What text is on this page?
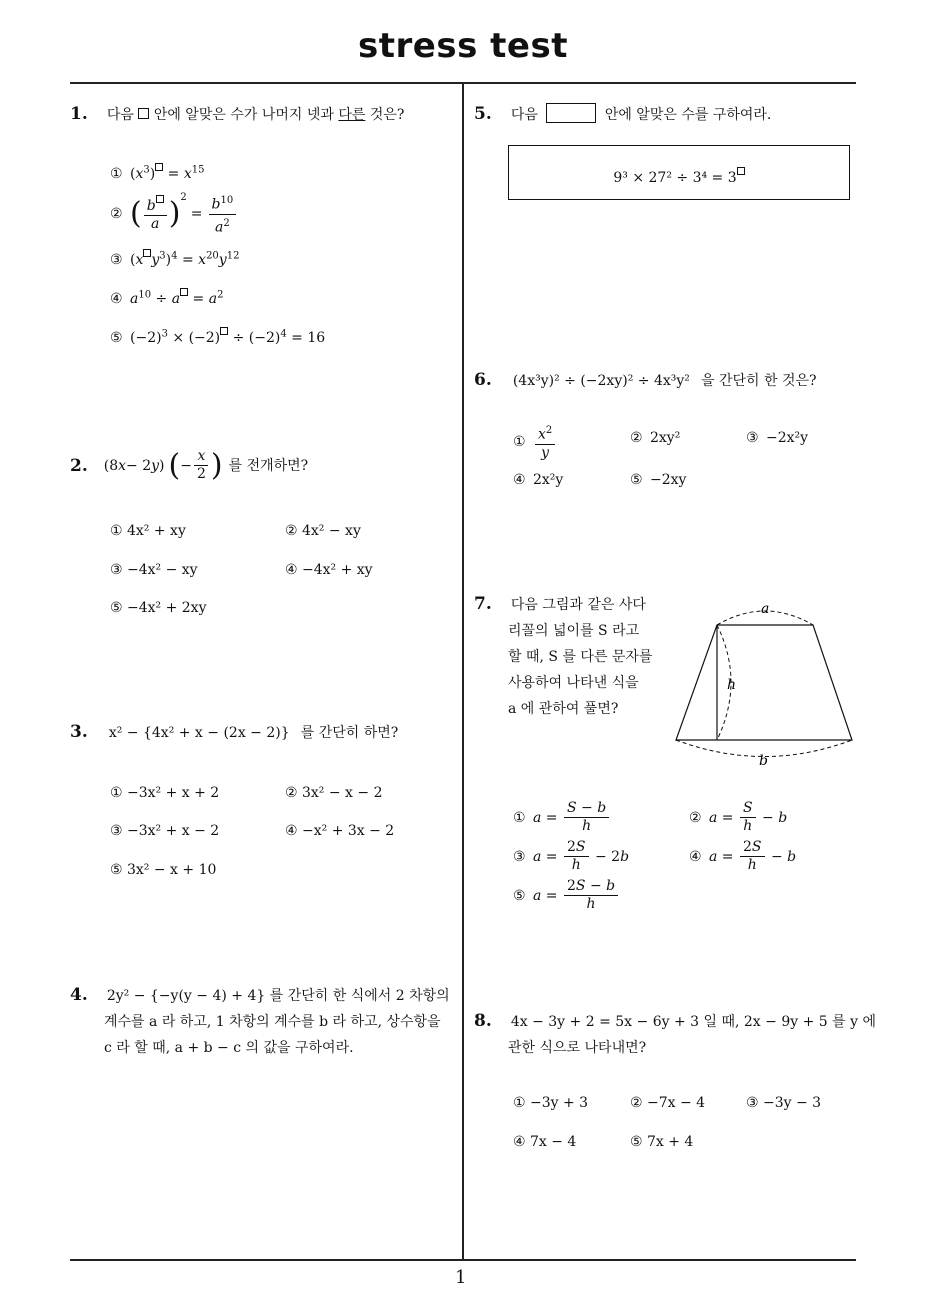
stress test
1
1. 다음 안에 알맞은 수가 나머지 넷과 다른 것은?
① $(x^3) = x^{15}$
② ( $\frac{b}{a} )^2$
= $\frac{b^{10}}{a^2}$
③ (x $y^3)^4 = x^{20}y^{12}$
④ $a^{10} \div a = a^2$
⑤ $(-2)^3 \times (-2) \div (-2)^4 = 16$
2. (8 x − 2 y ) ( − $\frac{x}{2}$ ) 를 전개하면?
① 4x² + xy	② 4x² − xy
③ −4x² − xy	④ −4x² + xy
⑤ −4x² + 2xy
3. x² − {4x² + x − (2x − 2)} 를 간단히 하면?
① −3x² + x + 2	② 3x² − x − 2
③ −3x² + x − 2	④ −x² + 3x − 2
⑤ 3x² − x + 10
4. 2y² − {−y(y − 4) + 4} 를 간단히 한 식에서 2 차항의
계수를 a 라 하고, 1 차항의 계수를 b 라 하고, 상수항을
c 라 할 때, a + b − c 의 값을 구하여라.
5. 다음	안에 알맞은 수를 구하여라.
9³ × 27² ÷ 3⁴ = 3
6. (4x³y)² ÷ (−2xy)² ÷ 4x³y² 을 간단히 한 것은?
① $\frac{x^2}{y}$	② 2xy²	③ −2x²y
④ 2x²y	⑤ −2xy
7. 다음 그림과 같은 사다
리꼴의 넓이를 S 라고
할 때, S 를 다른 문자를
사용하여 나타낸 식을
a 에 관하여 풀면?
a
h
b
① $a = \frac{S - b}{h}$	② $a = \frac{S}{h} - b$
③ $a = \frac{2S}{h} - 2$ b	④ $a = \frac{2S}{h} - b$
⑤ $a = \frac{2S - b}{h}$
8. 4x − 3y + 2 = 5x − 6y + 3 일 때, 2x − 9y + 5 를 y 에
관한 식으로 나타내면?
① −3y + 3	② −7x − 4	③ −3y − 3
④ 7x − 4	⑤ 7x + 4
